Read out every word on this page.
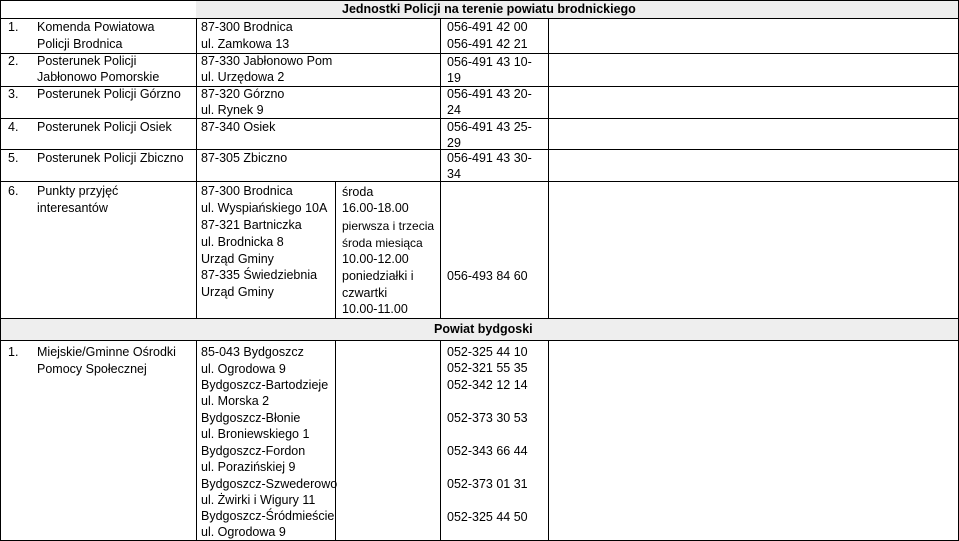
Jednostki Policji na terenie powiatu brodnickiego
Powiat bydgoski
1. Komenda Powiatowa
Policji Brodnica
87-300 Brodnica
ul. Zamkowa 13
056-491 42 00
056-491 42 21
2. Posterunek Policji
Jabłonowo Pomorskie
87-330 Jabłonowo Pom
ul. Urzędowa 2
056-491 43 10-
19
3. Posterunek Policji Górzno 87-320 Górzno
ul. Rynek 9
056-491 43 20-
24
4. Posterunek Policji Osiek 87-340 Osiek	056-491 43 25-
29
5. Posterunek Policji Zbiczno 87-305 Zbiczno	056-491 43 30-
34
6. Punkty przyjęć
interesantów
87-300 Brodnica
ul. Wyspiańskiego 10A
87-321 Bartniczka
ul. Brodnicka 8
Urząd Gminy
87-335 Świedziebnia
Urząd Gminy
środa
16.00-18.00
pierwsza i trzecia
środa miesiąca
10.00-12.00
poniedziałki i
czwartki
10.00-11.00
056-493 84 60
1. Miejskie/Gminne Ośrodki
Pomocy Społecznej
85-043 Bydgoszcz
ul. Ogrodowa 9
Bydgoszcz-Bartodzieje
ul. Morska 2
Bydgoszcz-Błonie
ul. Broniewskiego 1
Bydgoszcz-Fordon
ul. Porazińskiej 9
Bydgoszcz-Szwederowo
ul. Żwirki i Wigury 11
Bydgoszcz-Śródmieście
ul. Ogrodowa 9
052-325 44 10
052-321 55 35
052-342 12 14
052-373 30 53
052-343 66 44
052-373 01 31
052-325 44 50
